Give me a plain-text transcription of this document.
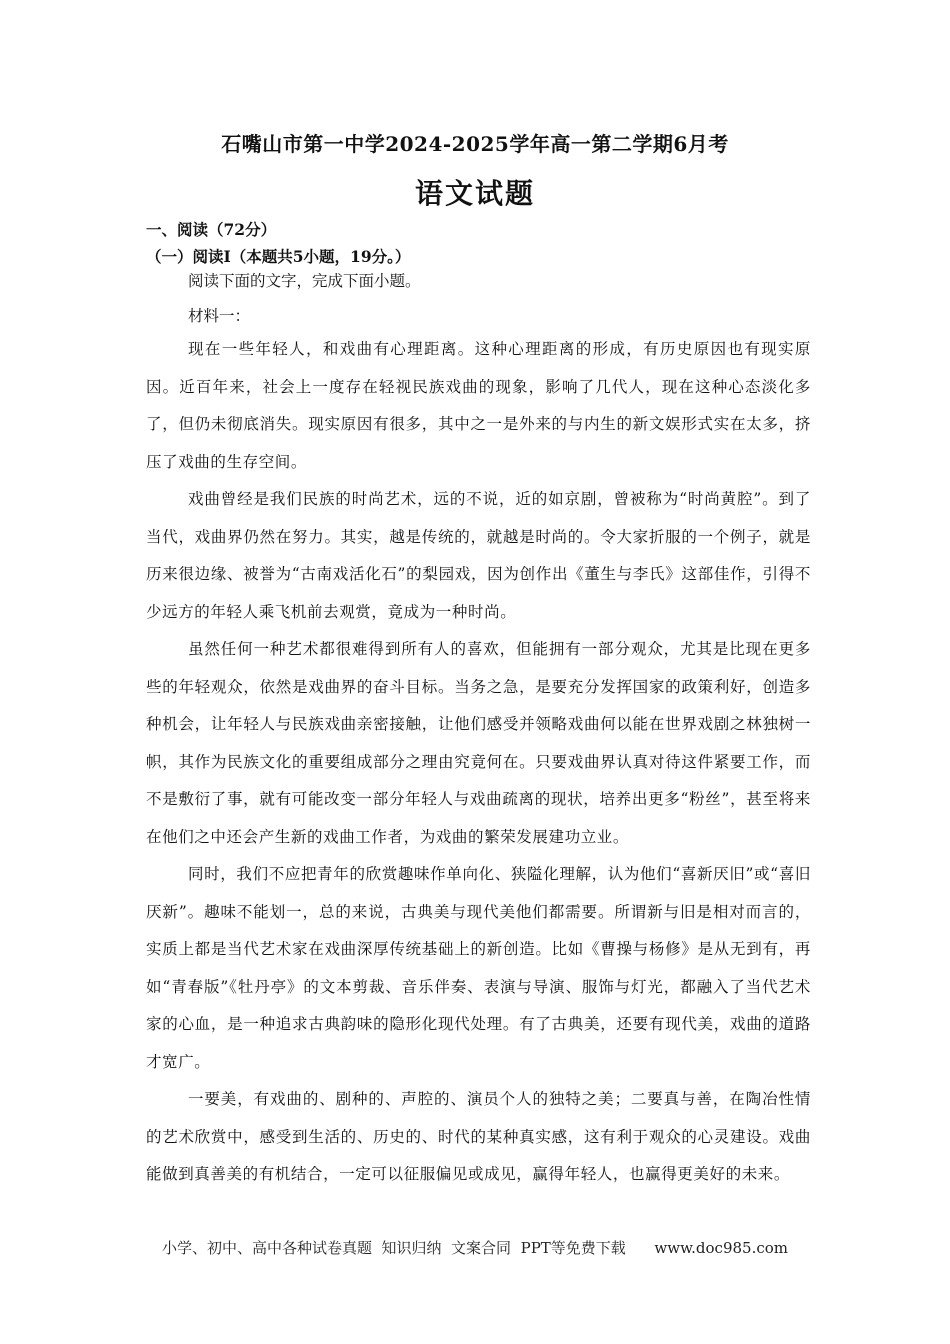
石嘴山市第一中学2024-2025学年高一第二学期6月考
语文试题
一、阅读（72分）
（一）阅读Ⅰ（本题共5小题，19分。）
阅读下面的文字，完成下面小题。
材料一：

现在一些年轻人，和戏曲有心理距离。这种心理距离的形成，有历史原因也有现实原因。近百年来，社会上一度存在轻视民族戏曲的现象，影响了几代人，现在这种心态淡化多了，但仍未彻底消失。现实原因有很多，其中之一是外来的与内生的新文娱形式实在太多，挤压了戏曲的生存空间。

戏曲曾经是我们民族的时尚艺术，远的不说，近的如京剧，曾被称为“时尚黄腔”。到了当代，戏曲界仍然在努力。其实，越是传统的，就越是时尚的。令大家折服的一个例子，就是历来很边缘、被誉为“古南戏活化石”的梨园戏，因为创作出《董生与李氏》这部佳作，引得不少远方的年轻人乘飞机前去观赏，竟成为一种时尚。

虽然任何一种艺术都很难得到所有人的喜欢，但能拥有一部分观众，尤其是比现在更多些的年轻观众，依然是戏曲界的奋斗目标。当务之急，是要充分发挥国家的政策利好，创造多种机会，让年轻人与民族戏曲亲密接触，让他们感受并领略戏曲何以能在世界戏剧之林独树一帜，其作为民族文化的重要组成部分之理由究竟何在。只要戏曲界认真对待这件紧要工作，而不是敷衍了事，就有可能改变一部分年轻人与戏曲疏离的现状，培养出更多“粉丝”，甚至将来在他们之中还会产生新的戏曲工作者，为戏曲的繁荣发展建功立业。

同时，我们不应把青年的欣赏趣味作单向化、狭隘化理解，认为他们“喜新厌旧”或“喜旧厌新”。趣味不能划一，总的来说，古典美与现代美他们都需要。所谓新与旧是相对而言的，实质上都是当代艺术家在戏曲深厚传统基础上的新创造。比如《曹操与杨修》是从无到有，再如“青春版”《牡丹亭》的文本剪裁、音乐伴奏、表演与导演、服饰与灯光，都融入了当代艺术家的心血，是一种追求古典韵味的隐形化现代处理。有了古典美，还要有现代美，戏曲的道路才宽广。

一要美，有戏曲的、剧种的、声腔的、演员个人的独特之美；二要真与善，在陶冶性情的艺术欣赏中，感受到生活的、历史的、时代的某种真实感，这有利于观众的心灵建设。戏曲能做到真善美的有机结合，一定可以征服偏见或成见，赢得年轻人，也赢得更美好的未来。

小学、初中、高中各种试卷真题  知识归纳  文案合同  PPT等免费下载 www.doc985.com
